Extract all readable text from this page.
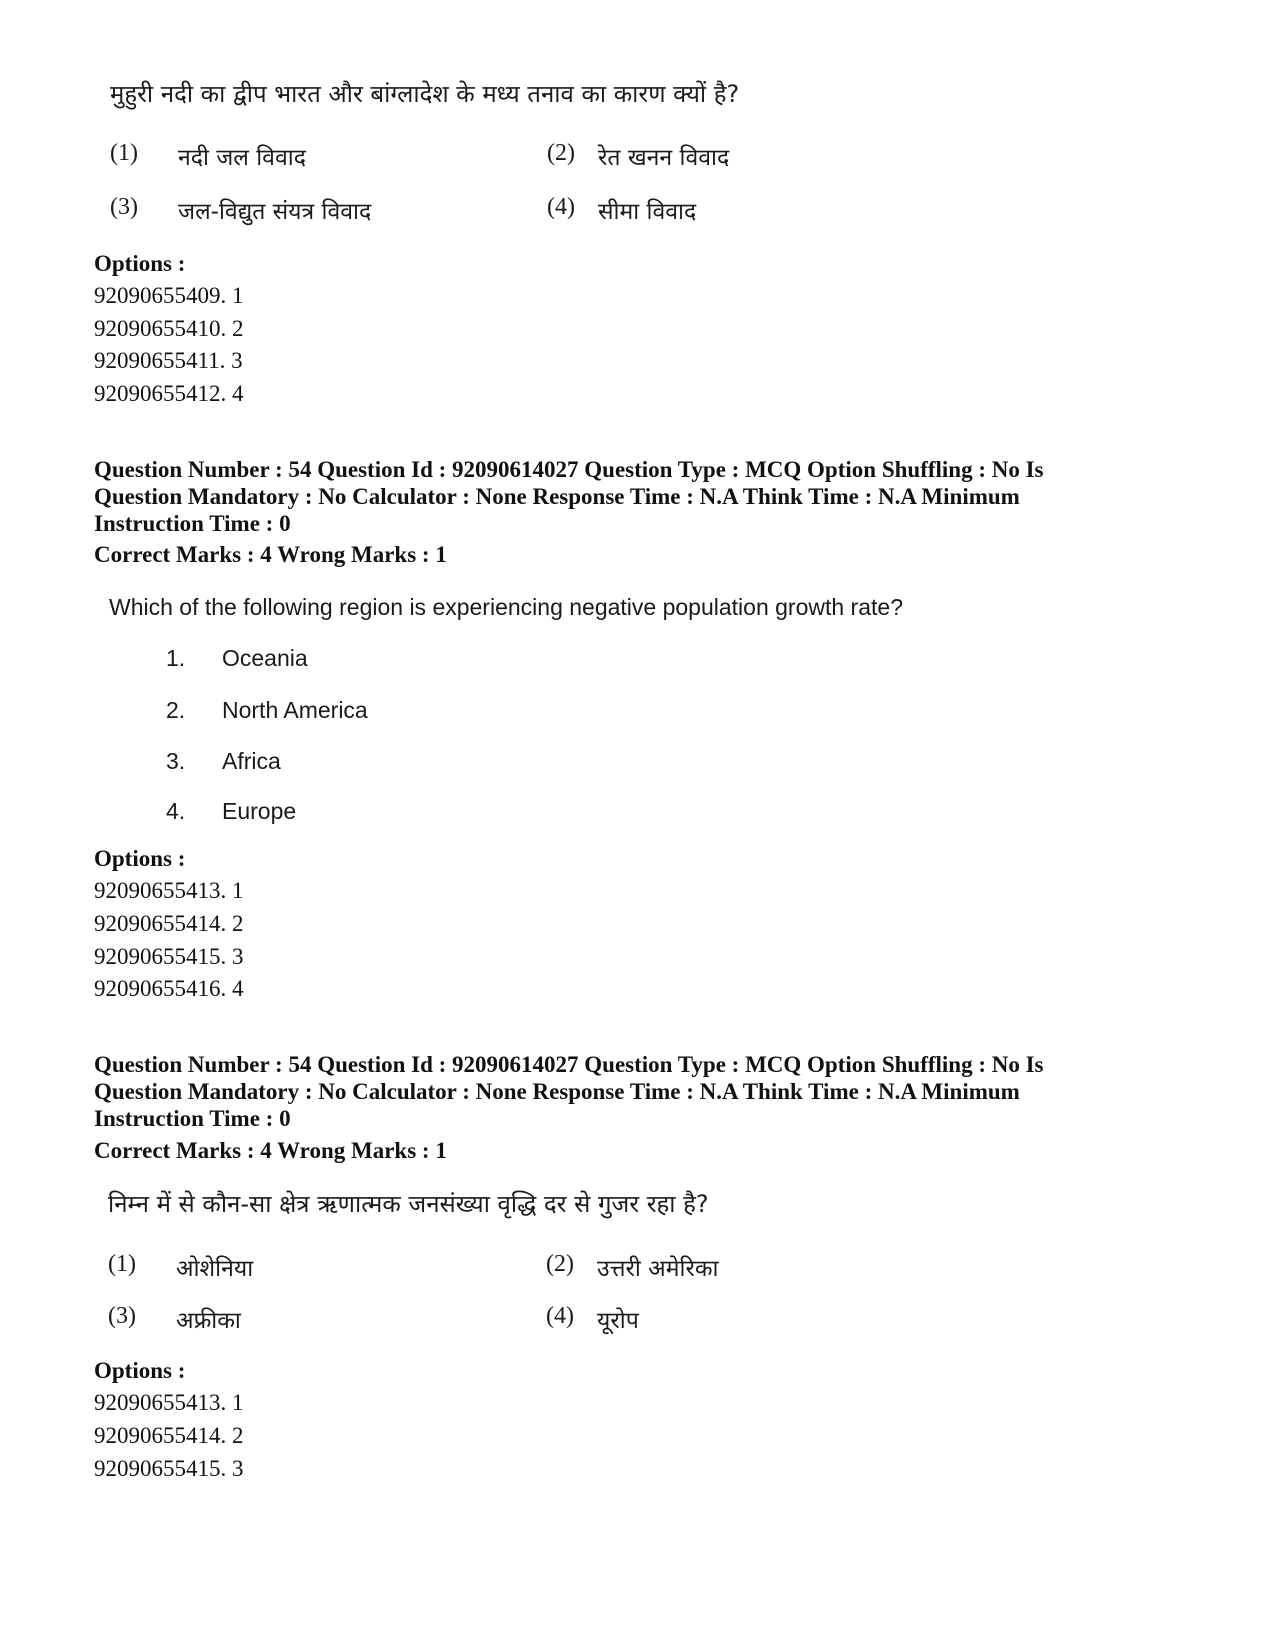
मुहुरी नदी का द्वीप भारत और बांग्लादेश के मध्य तनाव का कारण क्यों है?
(1) नदी जल विवाद	(2) रेत खनन विवाद
(3) जल-विद्युत संयत्र विवाद	(4) सीमा विवाद
Options :
92090655409. 1
92090655410. 2
92090655411. 3
92090655412. 4
Question Number : 54 Question Id : 92090614027 Question Type : MCQ Option Shuffling : No Is
Question Mandatory : No Calculator : None Response Time : N.A Think Time : N.A Minimum
Instruction Time : 0
Correct Marks : 4 Wrong Marks : 1
Which of the following region is experiencing negative population growth rate?
1. Oceania
2. North America
3. Africa
4. Europe
Options :
92090655413. 1
92090655414. 2
92090655415. 3
92090655416. 4
Question Number : 54 Question Id : 92090614027 Question Type : MCQ Option Shuffling : No Is
Question Mandatory : No Calculator : None Response Time : N.A Think Time : N.A Minimum
Instruction Time : 0
Correct Marks : 4 Wrong Marks : 1
निम्न में से कौन-सा क्षेत्र ऋणात्मक जनसंख्या वृद्धि दर से गुजर रहा है?
(1) ओशेनिया	(2) उत्तरी अमेरिका
(3) अफ्रीका	(4) यूरोप
Options :
92090655413. 1
92090655414. 2
92090655415. 3
